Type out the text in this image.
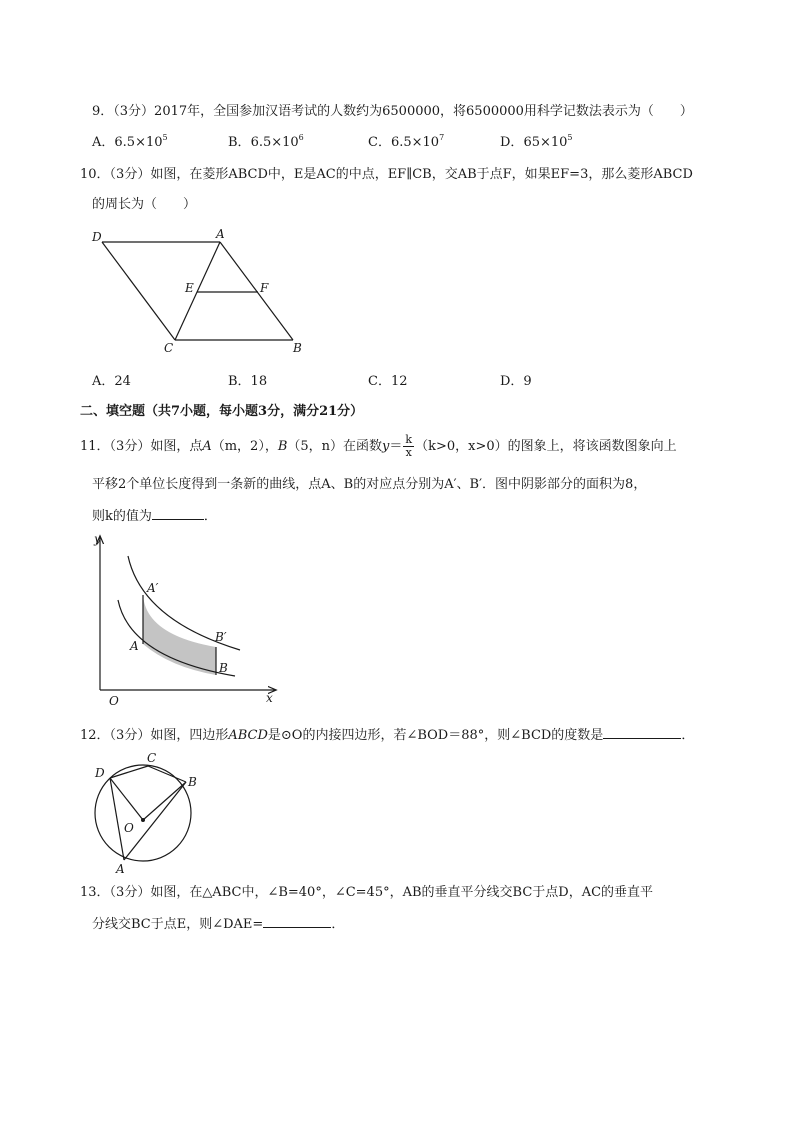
9．（3分）2017年，全国参加汉语考试的人数约为6500000，将6500000用科学记数法表示为（　　）
A．$6.5\times 10^5$	B．$6.5\times 10^6$	C．$6.5\times 10^7$	D．$65\times 10^5$
10．（3分）如图，在菱形ABCD中，E是AC的中点，EF∥CB，交AB于点F，如果EF=3，那么菱形ABCD
的周长为（　　）
D	A
E	F
C	B
A．24	B．18	C．12	D．9
二、填空题（共7小题，每小题3分，满分21分）
11．（3分）如图，点A（m，2），B（5，n）在函数$y= \frac{k}{x} (k>0$，x>0）的图象上，将该函数图象向上
平移2个单位长度得到一条新的曲线，点A、B的对应点分别为A′、B′．图中阴影部分的面积为8，
则k的值为	．
y
x
O
A
B
A′
B′
12．（3分）如图，四边形ABCD是⊙O的内接四边形，若∠BOD＝88°，则∠BCD的度数是	．
D
C
B
O
A
13．（3分）如图，在△ABC中，∠B=40°，∠C=45°，AB的垂直平分线交BC于点D，AC的垂直平
分线交BC于点E，则∠DAE=	．
